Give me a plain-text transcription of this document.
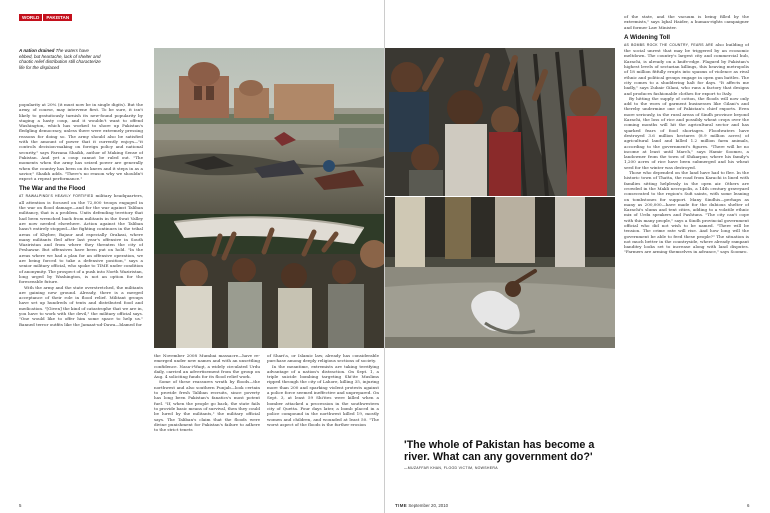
WORLD	PAKISTAN
A nation drained The waters have ebbed, but heartache, lack of shelter and chaotic relief distribution still characterize life for the displaced

popularity at 20% (it must now be in single digits). But the army, of course, may intervene first. To be sure, it isn't likely to gratuitously tarnish its new-found popularity by staging a hasty coup, and it wouldn't want to offend Washington, which has worked to shore up Pakistan's fledgling democracy, unless there were extremely pressing reasons for doing so. The army should also be satisfied with the amount of power that it currently enjoys—"it controls decision-making on foreign policy and national security," says Farzana Shaikh, author of Making Sense of Pakistan. And yet a coup cannot be ruled out. "The moments when the army has seized power are generally when the country has been on its knees and it steps in as a savior," Shaikh adds. "There's no reason why we shouldn't expect a repeat performance."

The War and the Flood

AT RAWALPINDI'S HEAVILY FORTIFIED military headquarters, all attention is focused on the 72,000 troops engaged in the war on flood damage—and for the war against Taliban militancy, that is a problem. Units defending territory that had been wrenched back from militants in the Swat Valley are now needed elsewhere. Action against the Taliban hasn't entirely stopped—the fighting continues in the tribal areas of Khyber, Bajaur and especially Orakzai, where many militants fled after last year's offensive in South Waziristan and from where they threaten the city of Peshawar. But offensives have been put on hold. "In the areas where we had a plan for an offensive operation, we are being forced to take a defensive position," says a senior military official, who spoke to TIME under condition of anonymity. The prospect of a push into North Waziristan, long urged by Washington, is not an option for the foreseeable future.

With the army and the state overstretched, the militants are gaining new ground. Already, there is a merged acceptance of their role in flood relief. Militant groups have set up hundreds of tents and distributed food and medication. "[Given] the kind of catastrophe that we are in, you have to work with the devil," the military official says. "One would like to offer him some space to help us." Banned terror outfits like the Jamaat-ud-Dawa—blamed for

the November 2008 Mumbai massacre—have re-emerged under new names and with an unsettling confidence. Nasa-i-Waqt, a widely circulated Urdu daily, carried an advertisement from the group on Aug. 4 soliciting funds for its flood relief work.

Some of these reassures wrath by floods—the northwest and also southern Punjab—look certain to provide fresh Taliban recruits, since poverty has long been Pakistan's fanatics's most potent fuel. "If, when the people go back, the state fails to provide basic means of survival, then they could be lured by the militants," the military official says. The Taliban's claim that the floods were divine punishment for Pakistan's failure to adhere to the strict tenets

of Shari'a, or Islamic law, already has considerable purchase among deeply religious sections of society.

In the meantime, extremists are taking terrifying advantage of a nation's distraction. On Sept. 1, a triple suicide bombing targeting Shi'ite Muslims ripped through the city of Lahore, killing 35, injuring more than 200 and sparking violent protests against a police force seemed ineffective and unprepared. On Sept. 3, at least 59 Shi'ites were killed when a bomber attacked a procession in the southwestern city of Quetta. Four days later, a bomb placed in a police compound in the northwest killed 19, mostly women and children, and wounded at least 50. "The worst aspect of the floods is the further erosion

5

of the state, and the vacuum is being filled by the extremists," says Iqbal Haider, a human-rights campaigner and former Law Minister.

A Widening Toll

AS BOMBS ROCK THE COUNTRY, FEARS ARE also building of the social unrest that may be triggered by an economic meltdown. The country's largest city and commercial hub, Karachi, is already on a knife-edge. Plagued by Pakistan's highest levels of sectarian killings, this heaving metropolis of 18 million fitfully erupts into spasms of violence as rival ethnic and political groups engage in open gun battles. The city comes to a shuddering halt for days. "It affects me badly," says Zubair Gilani, who runs a factory that designs and produces fashionable clothes for export to Italy.

By hitting the supply of cotton, the floods will now only add to the woes of garment businesses like Gilani's and thereby undermine one of Pakistan's chief exports. Even more seriously, in the rural areas of Sindh province beyond Karachi, the loss of rice and possibly wheat crops over the coming months will hit the agricultural sector and has sparked fears of food shortages. Floodwaters have destroyed 3.6 million hectares (8.9 million acres) of agricultural land and killed 1.2 million farm animals, according to the government's figures. "There will be no income at least until March," says Hamir Soomro, a landowner from the town of Shikarpur, where his family's 1,200 acres of rice have been submerged and his wheat seed for the winter was destroyed.

Those who depended on the land have had to flee. In the historic town of Thatta, the road from Karachi is lined with families sitting helplessly in the open air. Others are crowded in the Makli necropolis, a 14th century graveyard consecrated to the region's Sufi saints, with some leaning on tombstones for support. Many Sindhis—perhaps as many as 200,000—have made for the dubious shelter of Karachi's slums and tent cities, adding to a volatile ethnic mix of Urdu speakers and Pashtuns. "The city can't cope with this many people," says a Sindh provincial government official who did not wish to be named. "There will be tension. The crime rate will rise. And how long will the government be able to feed these people?" The situation is not much better in the countryside, where already rampant banditry looks set to increase along with land disputes. "Farmers are arming themselves in advance," says Soomro.

TIME September 20, 2010	6
'The whole of Pakistan has become a river. What can any government do?'
—MUZAFFAR KHAN, FLOOD VICTIM, NOWSHERA
